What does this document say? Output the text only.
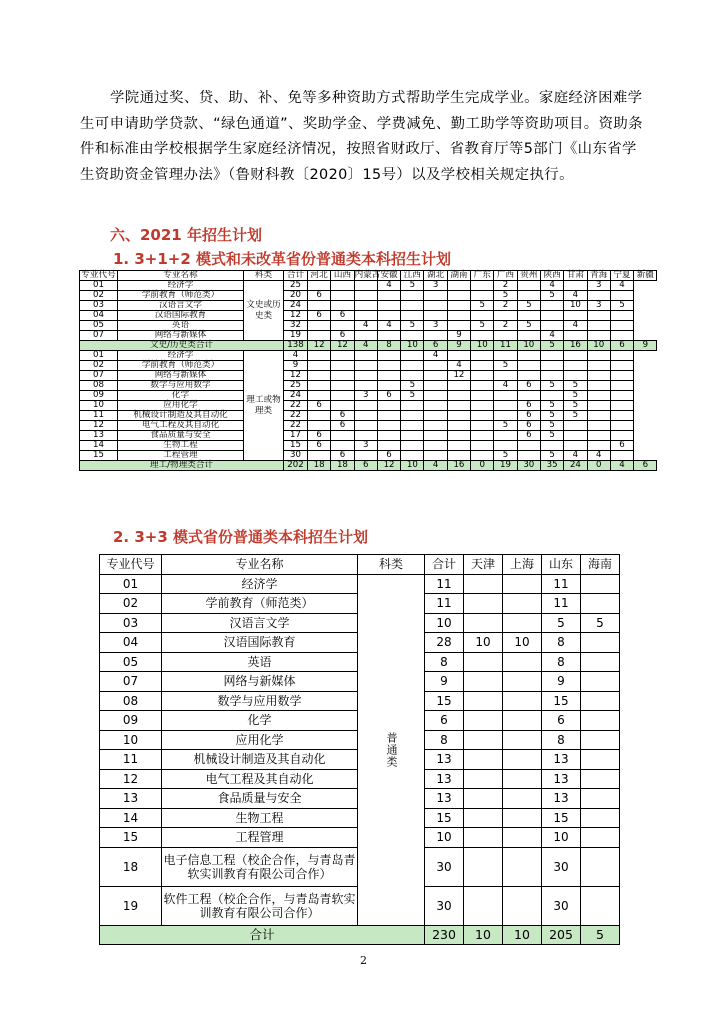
学院通过奖、贷、助、补、免等多种资助方式帮助学生完成学业。家庭经济困难学生可申请助学贷款、“绿色通道”、奖助学金、学费减免、勤工助学等资助项目。资助条件和标准由学校根据学生家庭经济情况，按照省财政厅、省教育厅等5部门《山东省学生资助资金管理办法》（鲁财科教〔2020〕15号）以及学校相关规定执行。

六、2021 年招生计划
1. 3+1+2 模式和未改革省份普通类本科招生计划
专业代号	专业名称	科类	合计	河北	山西	内蒙古	安徽	江西	湖北	湖南	广东	广西	贵州	陕西	甘肃	青海	宁夏	新疆
01	经济学	文史或历史类	25				4	5	3			2		4		3	4	
02	学前教育（师范类）		20	6								5		5	4			
03	汉语言文学		24								5	2	5		10	3	5	
04	汉语国际教育		12	6	6													
05	英语		32			4	4	5	3		5	2	5		4			
07	网络与新媒体		19		6					9				4				
文史/历史类合计			138	12	12	4	8	10	6	9	10	11	10	5	16	10	6	9
01	经济学	理工或物理类	4						4									
02	学前教育（师范类）		9							4		5						
07	网络与新媒体		12							12								
08	数学与应用数学		25					5				4	6	5	5			
09	化学		24			3	6	5							5			
10	应用化学		22	6									6	5	5			
11	机械设计制造及其自动化		22		6								6	5	5			
12	电气工程及其自动化		22		6							5	6	5				
13	食品质量与安全		17	6									6	5				
14	生物工程		15	6		3											6	
15	工程管理		30		6		6					5		5	4	4		
理工/物理类合计			202	18	18	6	12	10	4	16	0	19	30	35	24	0	4	6
2. 3+3 模式省份普通类本科招生计划
专业代号	专业名称	科类	合计	天津	上海	山东	海南
01	经济学	普通类	11			11	
02	学前教育（师范类）		11			11	
03	汉语言文学		10			5	5
04	汉语国际教育		28	10	10	8	
05	英语		8			8	
07	网络与新媒体		9			9	
08	数学与应用数学		15			15	
09	化学		6			6	
10	应用化学		8			8	
11	机械设计制造及其自动化		13			13	
12	电气工程及其自动化		13			13	
13	食品质量与安全		13			13	
14	生物工程		15			15	
15	工程管理		10			10	
18	电子信息工程（校企合作，与青岛青软实训教育有限公司合作）		30			30	
19	软件工程（校企合作，与青岛青软实训教育有限公司合作）		30			30	
合计			230	10	10	205	5
2
